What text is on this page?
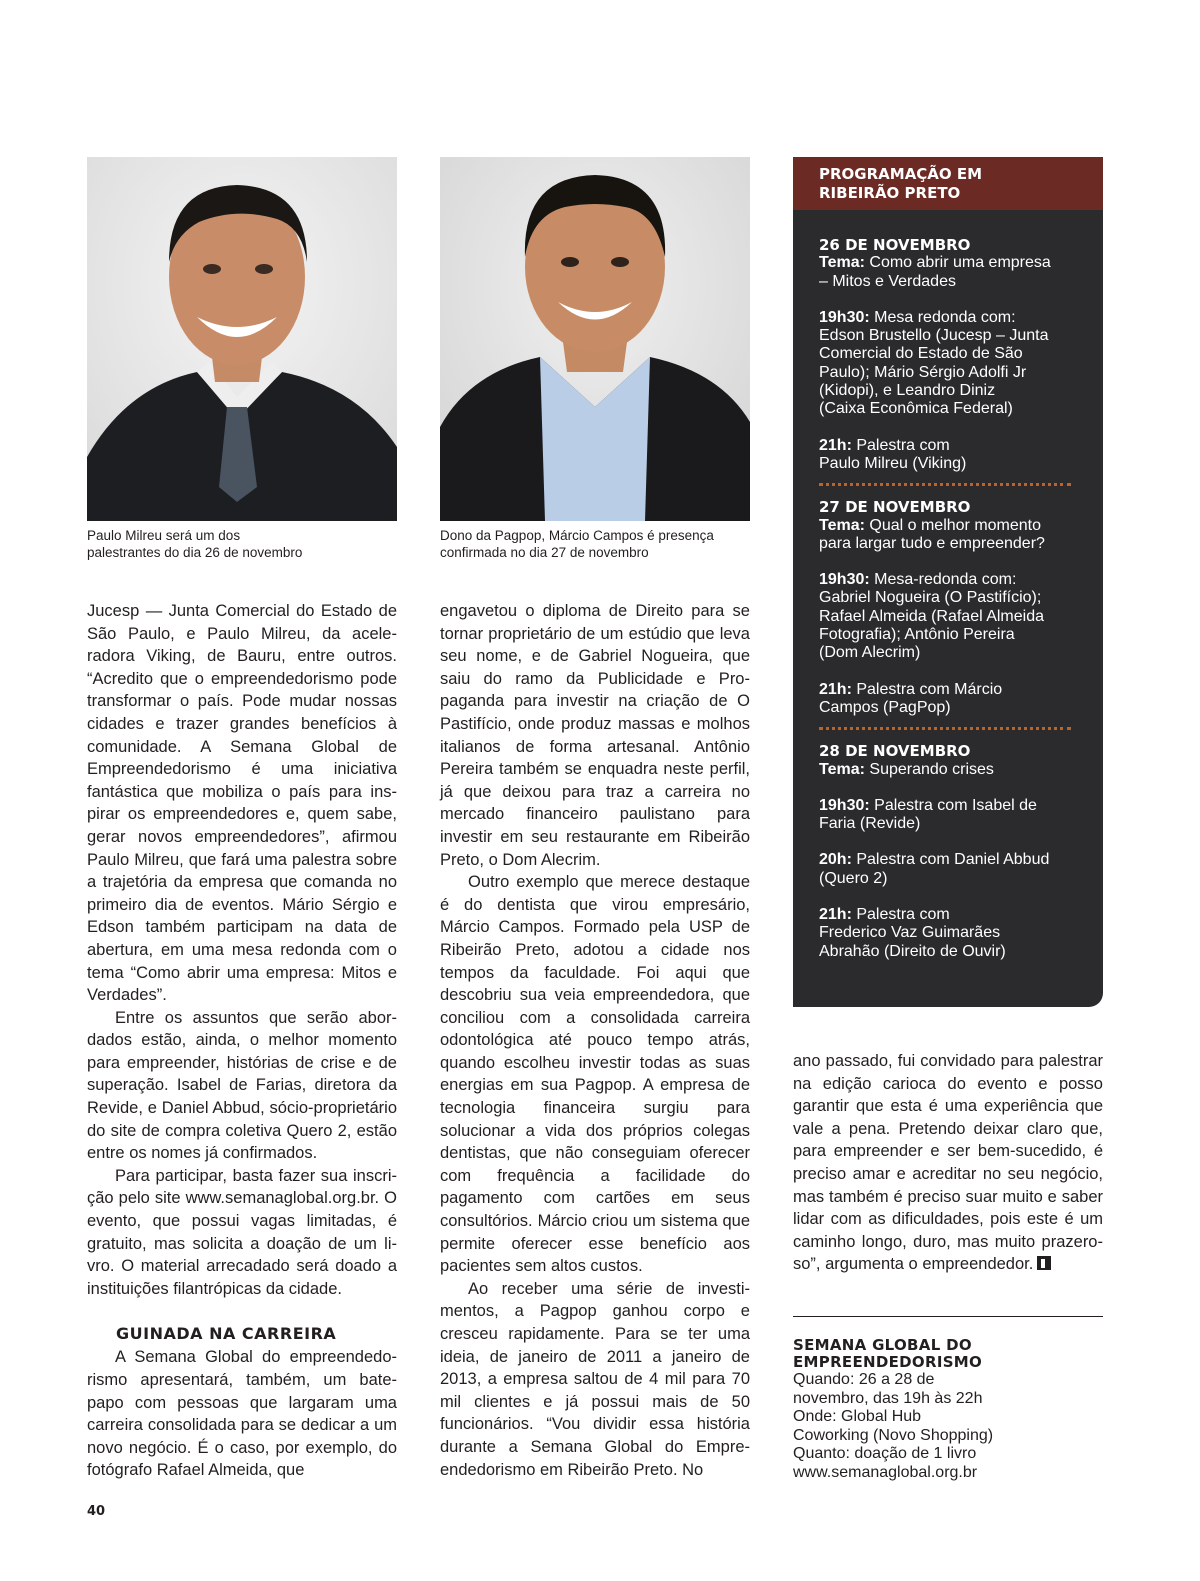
Paulo Milreu será um dos
palestrantes do dia 26 de novembro
Dono da Pagpop, Márcio Campos é presença
confirmada no dia 27 de novembro

Jucesp — Junta Comercial do Estado de São Paulo, e Paulo Milreu, da aceleradora Viking, de Bauru, entre outros. “Acredito que o empreendedorismo pode transformar o país. Pode mudar nossas cidades e trazer grandes benefícios à comunidade. A Semana Global de Empreendedorismo é uma iniciativa fantástica que mobiliza o país para inspirar os empreendedores e, quem sabe, gerar novos empreendedores”, afirmou Paulo Milreu, que fará uma palestra sobre a trajetória da empresa que comanda no primeiro dia de eventos. Mário Sérgio e Edson também participam na data de abertura, em uma mesa redonda com o tema “Como abrir uma empresa: Mitos e Verdades”.

Entre os assuntos que serão abordados estão, ainda, o melhor momento para empreender, histórias de crise e de superação. Isabel de Farias, diretora da Revide, e Daniel Abbud, sócio-proprietário do site de compra coletiva Quero 2, estão entre os nomes já confirmados.

Para participar, basta fazer sua inscrição pelo site www.semanaglobal.org.br. O evento, que possui vagas limitadas, é gratuito, mas solicita a doação de um livro. O material arrecadado será doado a instituições filantrópicas da cidade.

GUINADA NA CARREIRA

A Semana Global do empreendedorismo apresentará, também, um bate-papo com pessoas que largaram uma carreira consolidada para se dedicar a um novo negócio. É o caso, por exemplo, do fotógrafo Rafael Almeida, que

engavetou o diploma de Direito para se tornar proprietário de um estúdio que leva seu nome, e de Gabriel Nogueira, que saiu do ramo da Publicidade e Propaganda para investir na criação de O Pastifício, onde produz massas e molhos italianos de forma artesanal. Antônio Pereira também se enquadra neste perfil, já que deixou para traz a carreira no mercado financeiro paulistano para investir em seu restaurante em Ribeirão Preto, o Dom Alecrim.

Outro exemplo que merece destaque é do dentista que virou empresário, Márcio Campos. Formado pela USP de Ribeirão Preto, adotou a cidade nos tempos da faculdade. Foi aqui que descobriu sua veia empreendedora, que conciliou com a consolidada carreira odontológica até pouco tempo atrás, quando escolheu investir todas as suas energias em sua Pagpop. A empresa de tecnologia financeira surgiu para solucionar a vida dos próprios colegas dentistas, que não conseguiam oferecer com frequência a facilidade do pagamento com cartões em seus consultórios. Márcio criou um sistema que permite oferecer esse benefício aos pacientes sem altos custos.

Ao receber uma série de investimentos, a Pagpop ganhou corpo e cresceu rapidamente. Para se ter uma ideia, de janeiro de 2011 a janeiro de 2013, a empresa saltou de 4 mil para 70 mil clientes e já possui mais de 50 funcionários. “Vou dividir essa história durante a Semana Global do Empreendedorismo em Ribeirão Preto. No

ano passado, fui convidado para palestrar na edição carioca do evento e posso garantir que esta é uma experiência que vale a pena. Pretendo deixar claro que, para empreender e ser bem-sucedido, é preciso amar e acreditar no seu negócio, mas também é preciso suar muito e saber lidar com as dificuldades, pois este é um caminho longo, duro, mas muito prazeroso”, argumenta o empreendedor.

PROGRAMAÇÃO EM
RIBEIRÃO PRETO
26 DE NOVEMBRO
Tema: Como abrir uma empresa
– Mitos e Verdades
19h30: Mesa redonda com:
Edson Brustello (Jucesp – Junta
Comercial do Estado de São
Paulo); Mário Sérgio Adolfi Jr
(Kidopi), e Leandro Diniz
(Caixa Econômica Federal)
21h: Palestra com
Paulo Milreu (Viking)
27 DE NOVEMBRO
Tema: Qual o melhor momento
para largar tudo e empreender?
19h30: Mesa-redonda com:
Gabriel Nogueira (O Pastifício);
Rafael Almeida (Rafael Almeida
Fotografia); Antônio Pereira
(Dom Alecrim)
21h: Palestra com Márcio
Campos (PagPop)
28 DE NOVEMBRO
Tema: Superando crises
19h30: Palestra com Isabel de
Faria (Revide)
20h: Palestra com Daniel Abbud
(Quero 2)
21h: Palestra com
Frederico Vaz Guimarães
Abrahão (Direito de Ouvir)
SEMANA GLOBAL DO
EMPREENDEDORISMO
Quando: 26 a 28 de
novembro, das 19h às 22h
Onde: Global Hub
Coworking (Novo Shopping)
Quanto: doação de 1 livro
www.semanaglobal.org.br
40
